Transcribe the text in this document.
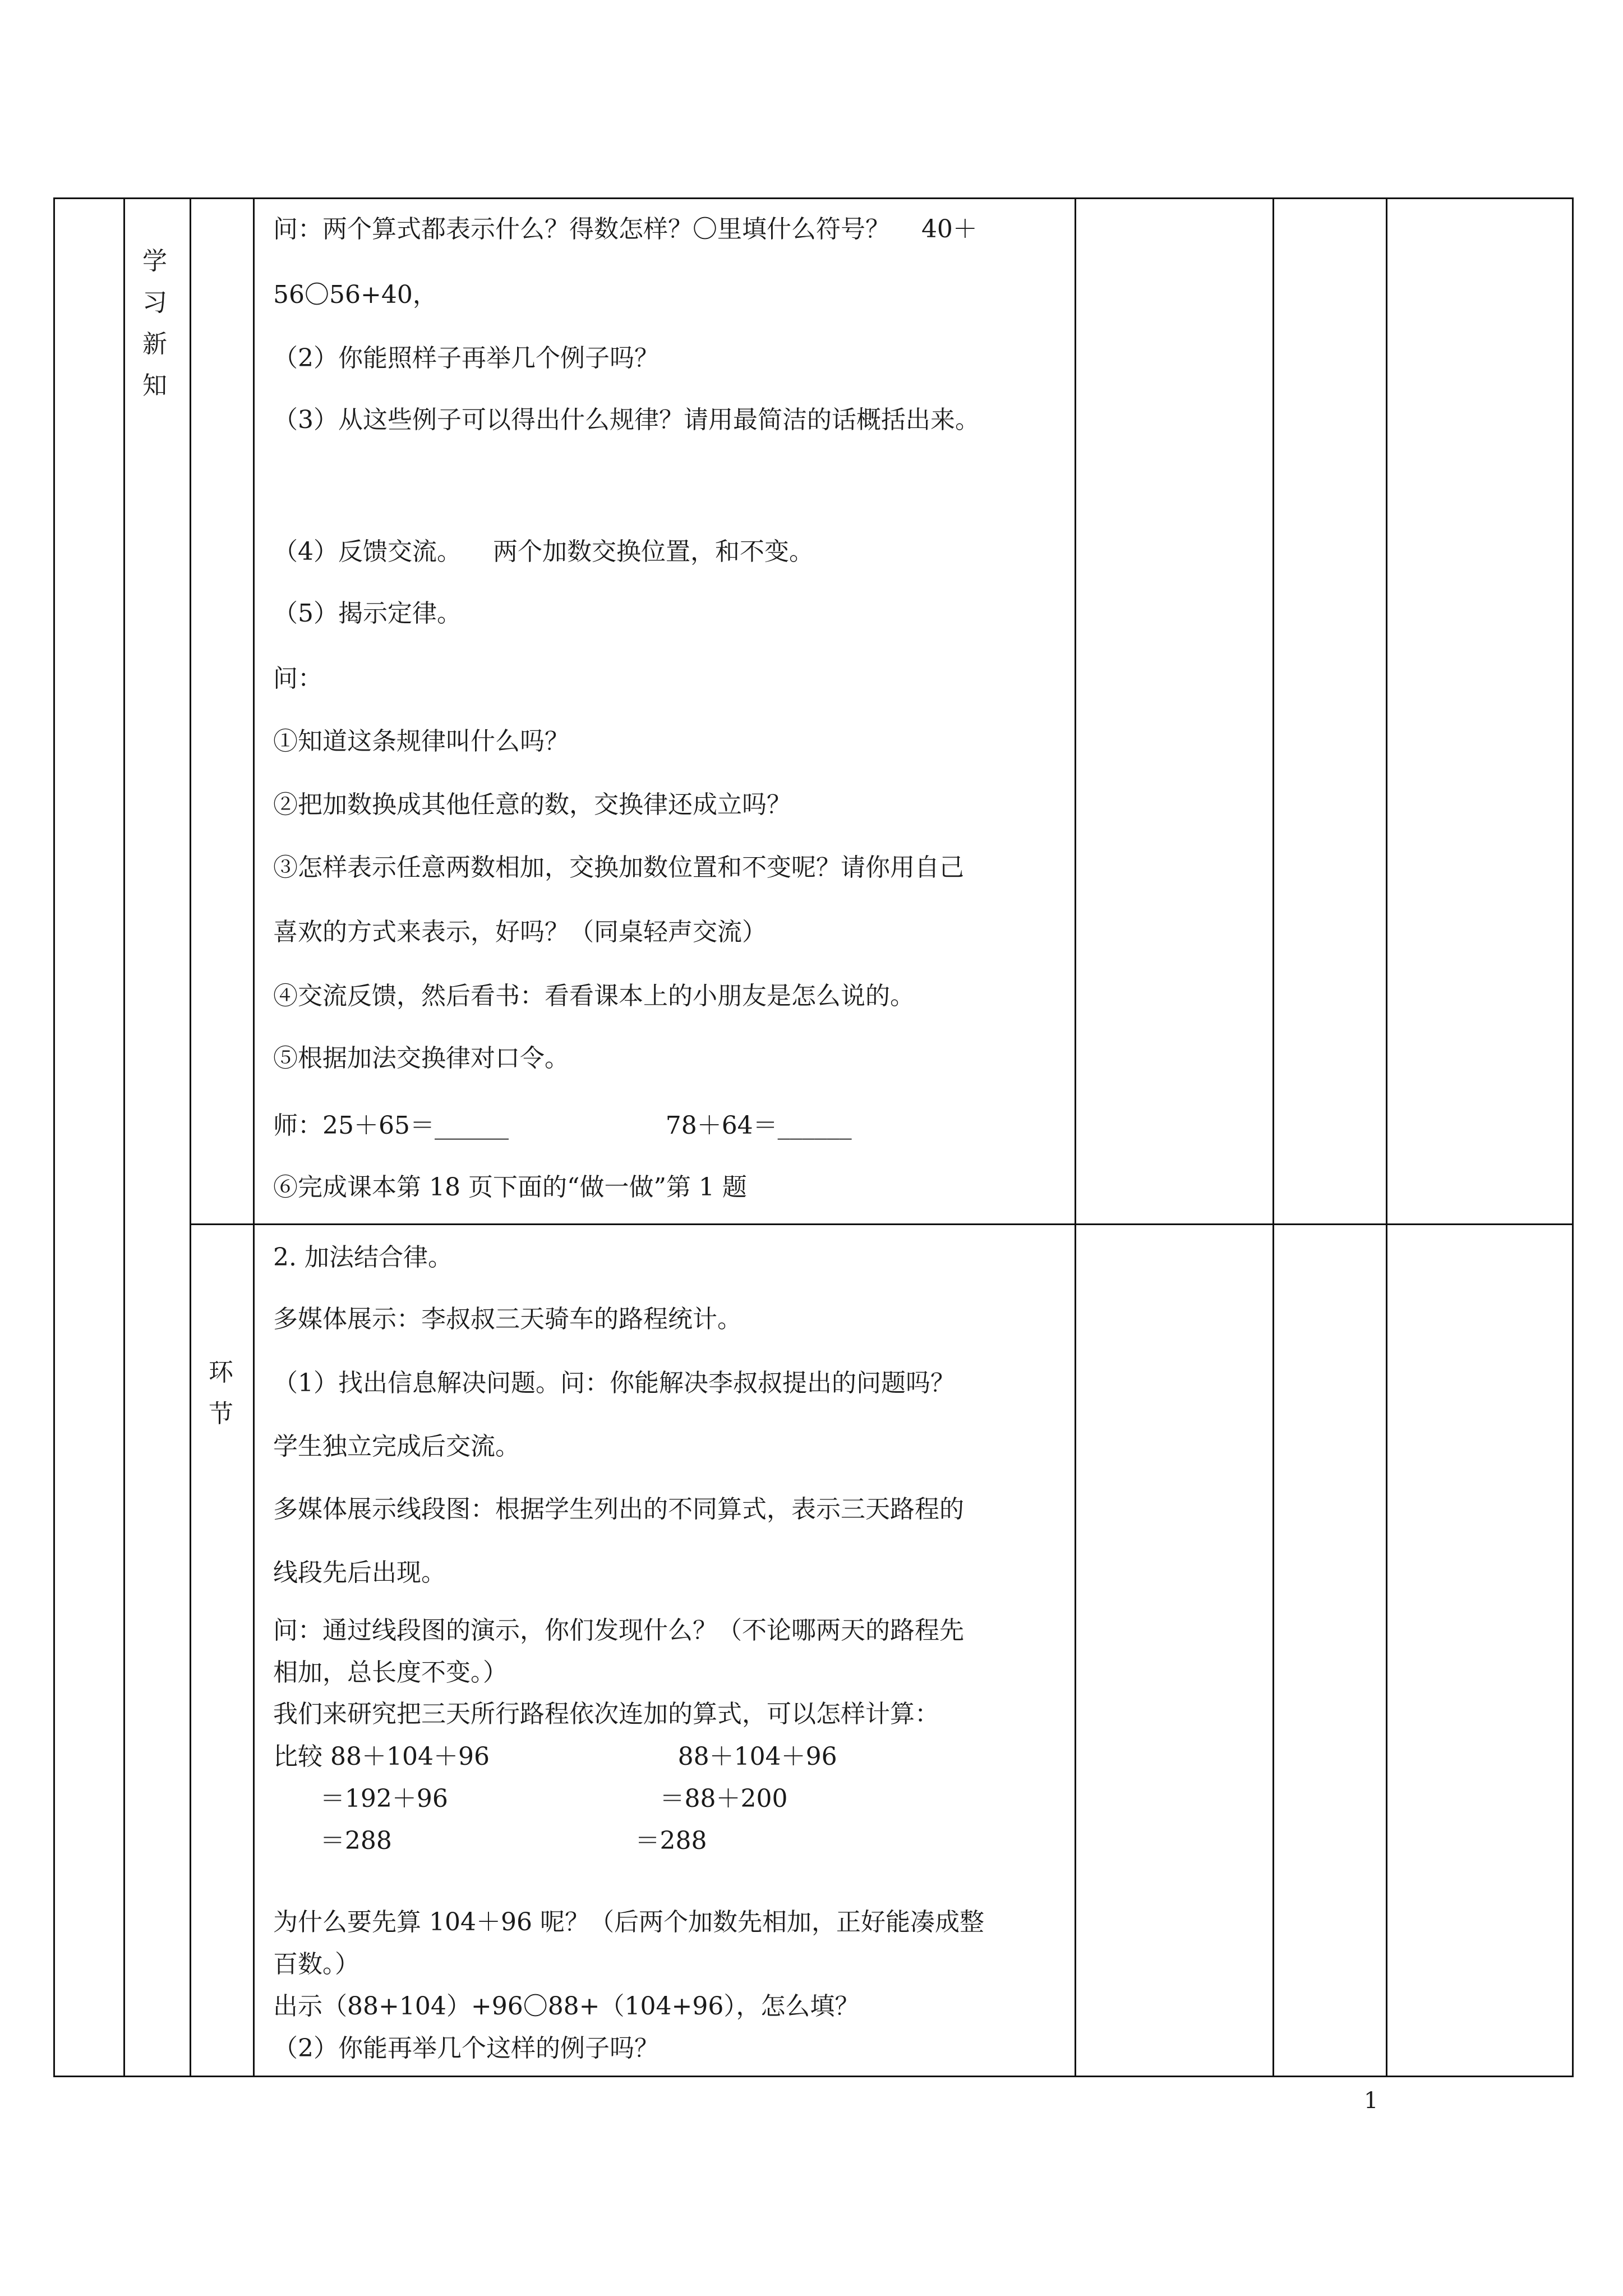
学
习
新
知
环
节

问：两个算式都表示什么？得数怎样？〇里填什么符号？    40＋

56〇56+40，

（2）你能照样子再举几个例子吗？

（3）从这些例子可以得出什么规律？请用最简洁的话概括出来。

（4）反馈交流。    两个加数交换位置，和不变。

（5）揭示定律。

问：

①知道这条规律叫什么吗？

②把加数换成其他任意的数，交换律还成立吗？

③怎样表示任意两数相加，交换加数位置和不变呢？请你用自己

喜欢的方式来表示，好吗？（同桌轻声交流）

④交流反馈，然后看书：看看课本上的小朋友是怎么说的。

⑤根据加法交换律对口令。

师：25＋65＝______                    78＋64＝______

⑥完成课本第 18 页下面的“做一做”第 1 题

2. 加法结合律。

多媒体展示：李叔叔三天骑车的路程统计。

（1）找出信息解决问题。问：你能解决李叔叔提出的问题吗？

学生独立完成后交流。

多媒体展示线段图：根据学生列出的不同算式，表示三天路程的

线段先后出现。

问：通过线段图的演示，你们发现什么？（不论哪两天的路程先

相加，总长度不变。）

我们来研究把三天所行路程依次连加的算式，可以怎样计算：

比较 88＋104＋96                        88＋104＋96

＝192＋96                           ＝88＋200

＝288                               ＝288

为什么要先算 104＋96 呢？（后两个加数先相加，正好能凑成整

百数。）

出示（88+104）+96〇88+（104+96），怎么填？

（2）你能再举几个这样的例子吗？

1
